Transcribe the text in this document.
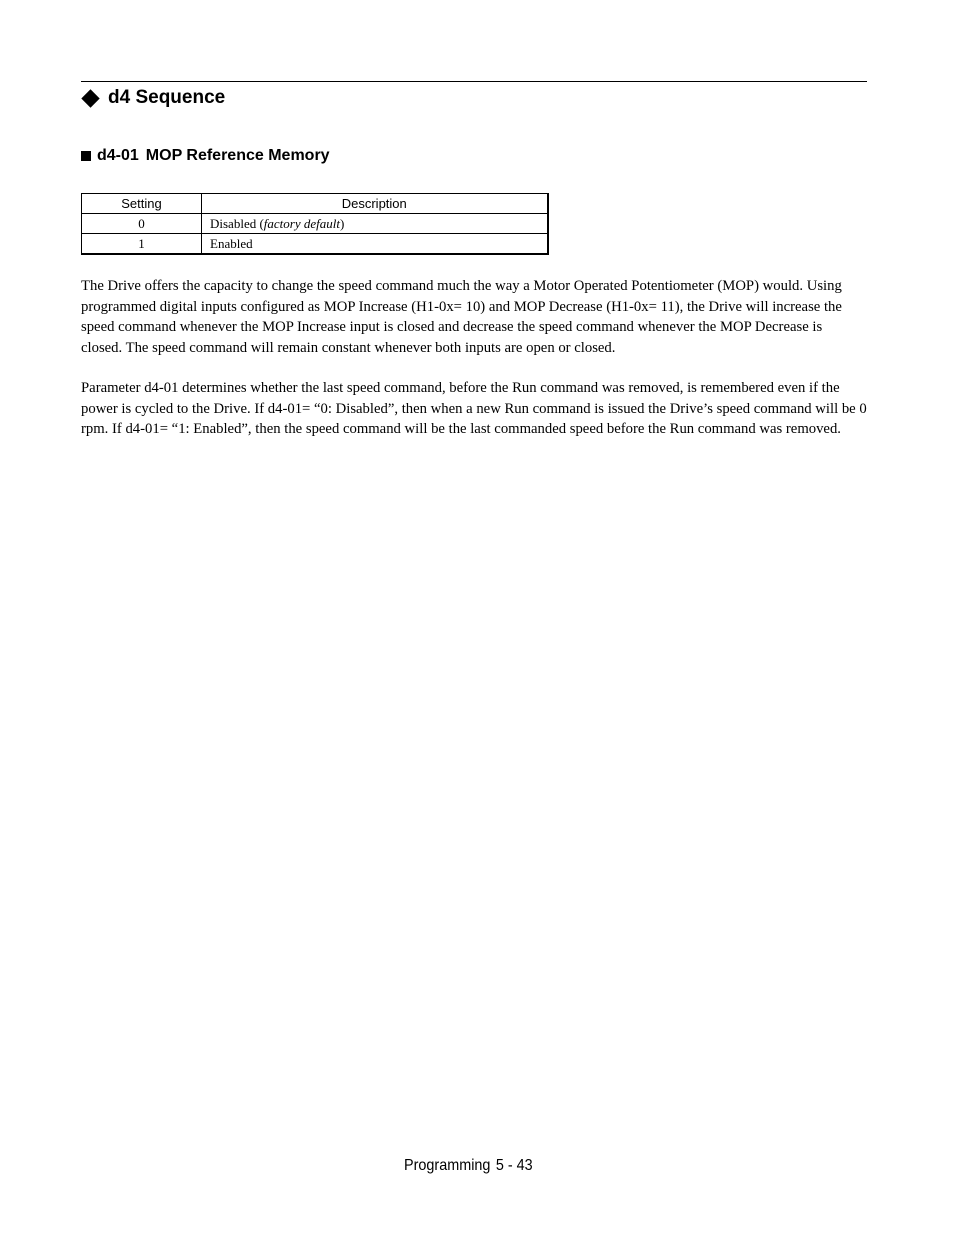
d4 Sequence
d4-01 MOP Reference Memory
Setting	Description
0	Disabled (factory default)
1	Enabled

The Drive offers the capacity to change the speed command much the way a Motor Operated Potentiometer (MOP) would. Using programmed digital inputs configured as MOP Increase (H1-0x= 10) and MOP Decrease (H1-0x= 11), the Drive will increase the speed command whenever the MOP Increase input is closed and decrease the speed command whenever the MOP Decrease is closed. The speed command will remain constant whenever both inputs are open or closed.

Parameter d4-01 determines whether the last speed command, before the Run command was removed, is remembered even if the power is cycled to the Drive. If d4-01= “0: Disabled”, then when a new Run command is issued the Drive’s speed command will be 0 rpm. If d4-01= “1: Enabled”, then the speed command will be the last commanded speed before the Run command was removed.

Programming 5 - 43
